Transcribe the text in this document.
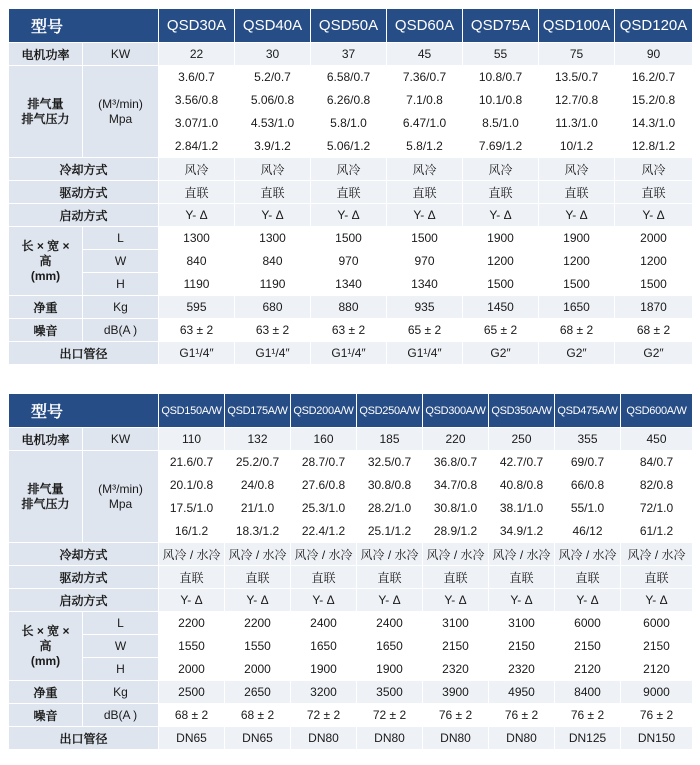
型号		QSD30A	QSD40A	QSD50A	QSD60A	QSD75A	QSD100A	QSD120A
电机功率	KW	22	30	37	45	55	75	90

排气量
排气压力	(M³/min)
Mpa	3.6/0.7	5.2/0.7	6.58/0.7	7.36/0.7	10.8/0.7	13.5/0.7	16.2/0.7
		3.56/0.8	5.06/0.8	6.26/0.8	7.1/0.8	10.1/0.8	12.7/0.8	15.2/0.8
		3.07/1.0	4.53/1.0	5.8/1.0	6.47/1.0	8.5/1.0	11.3/1.0	14.3/1.0
		2.84/1.2	3.9/1.2	5.06/1.2	5.8/1.2	7.69/1.2	10/1.2	12.8/1.2
冷却方式		风冷	风冷	风冷	风冷	风冷	风冷	风冷
驱动方式		直联	直联	直联	直联	直联	直联	直联
启动方式		Y- Δ	Y- Δ	Y- Δ	Y- Δ	Y- Δ	Y- Δ	Y- Δ

长 × 宽 ×
高
(mm)	L	1300	1300	1500	1500	1900	1900	2000
	W	840	840	970	970	1200	1200	1200
	H	1190	1190	1340	1340	1500	1500	1500
净重	Kg	595	680	880	935	1450	1650	1870
噪音	dB(A )	63 ± 2	63 ± 2	63 ± 2	65 ± 2	65 ± 2	68 ± 2	68 ± 2
出口管径		G1¹/4″	G1¹/4″	G1¹/4″	G1¹/4″	G2″	G2″	G2″
型号		QSD150A/W	QSD175A/W	QSD200A/W	QSD250A/W	QSD300A/W	QSD350A/W	QSD475A/W	QSD600A/W
电机功率	KW	110	132	160	185	220	250	355	450

排气量
排气压力	(M³/min)
Mpa	21.6/0.7	25.2/0.7	28.7/0.7	32.5/0.7	36.8/0.7	42.7/0.7	69/0.7	84/0.7
		20.1/0.8	24/0.8	27.6/0.8	30.8/0.8	34.7/0.8	40.8/0.8	66/0.8	82/0.8
		17.5/1.0	21/1.0	25.3/1.0	28.2/1.0	30.8/1.0	38.1/1.0	55/1.0	72/1.0
		16/1.2	18.3/1.2	22.4/1.2	25.1/1.2	28.9/1.2	34.9/1.2	46/12	61/1.2
冷却方式		风冷 / 水冷	风冷 / 水冷	风冷 / 水冷	风冷 / 水冷	风冷 / 水冷	风冷 / 水冷	风冷 / 水冷	风冷 / 水冷
驱动方式		直联	直联	直联	直联	直联	直联	直联	直联
启动方式		Y- Δ	Y- Δ	Y- Δ	Y- Δ	Y- Δ	Y- Δ	Y- Δ	Y- Δ

长 × 宽 ×
高
(mm)	L	2200	2200	2400	2400	3100	3100	6000	6000
	W	1550	1550	1650	1650	2150	2150	2150	2150
	H	2000	2000	1900	1900	2320	2320	2120	2120
净重	Kg	2500	2650	3200	3500	3900	4950	8400	9000
噪音	dB(A )	68 ± 2	68 ± 2	72 ± 2	72 ± 2	76 ± 2	76 ± 2	76 ± 2	76 ± 2
出口管径		DN65	DN65	DN80	DN80	DN80	DN80	DN125	DN150
